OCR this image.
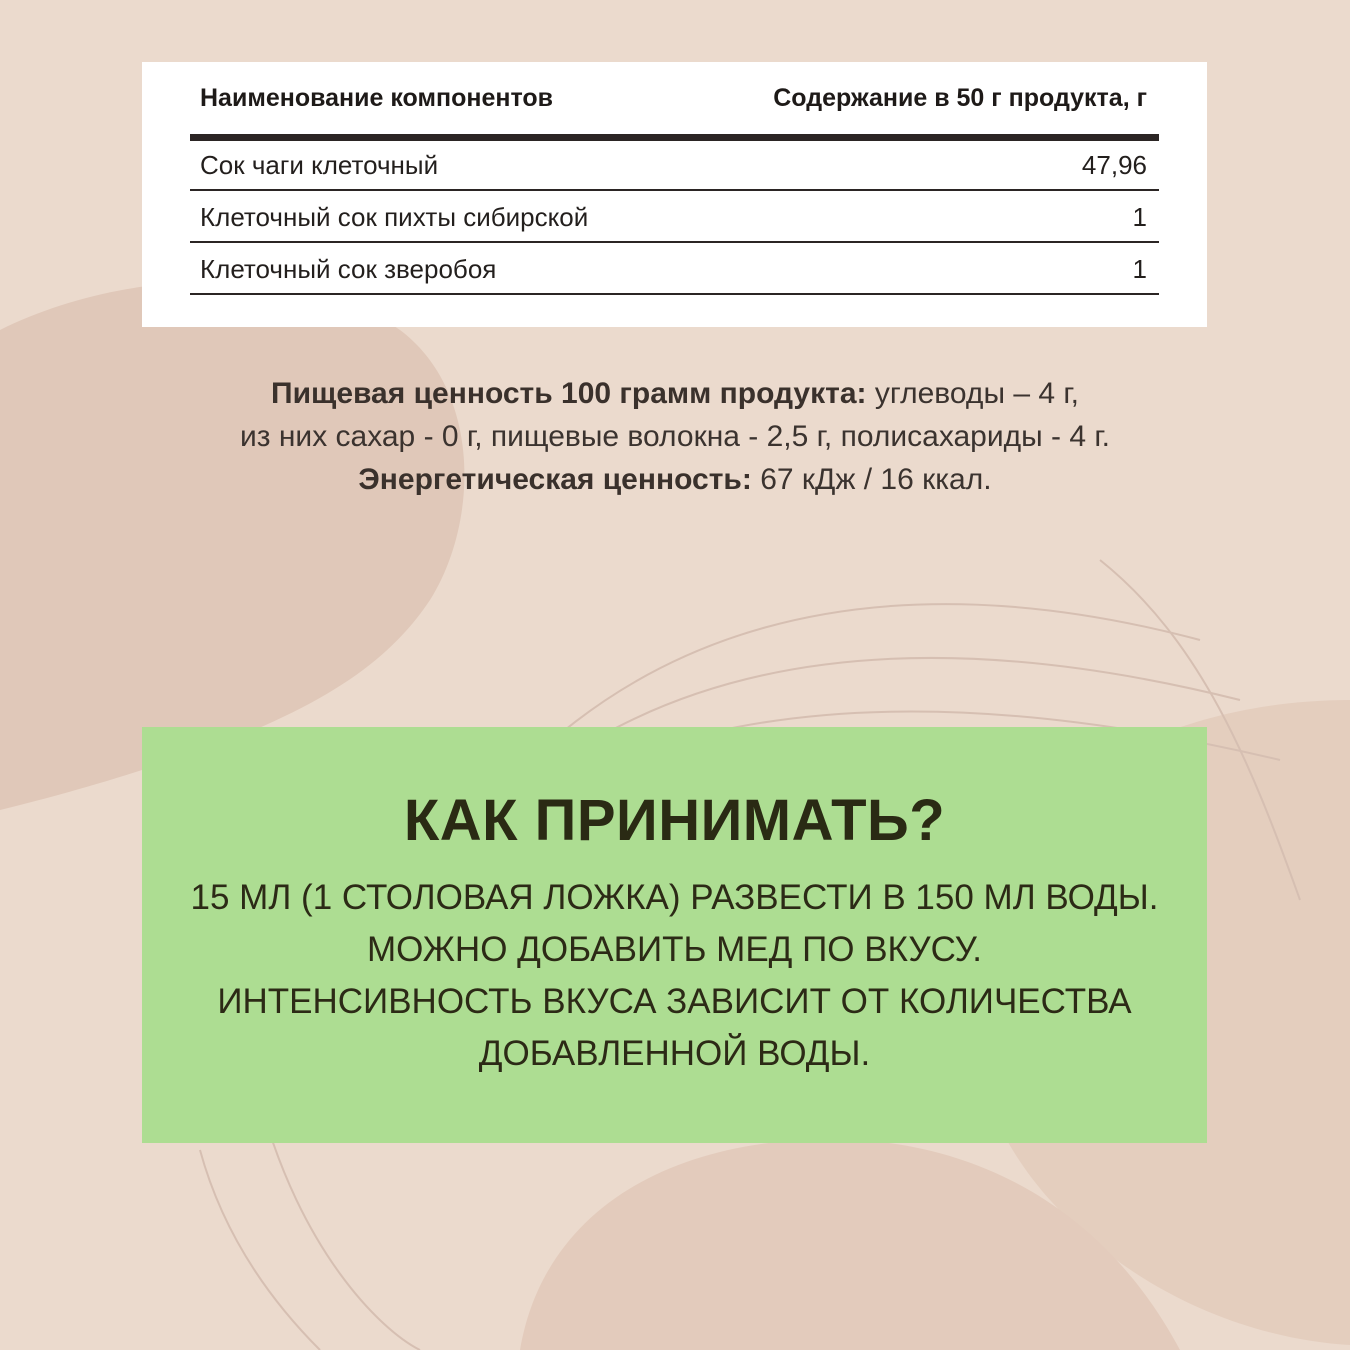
Наименование компонентов	Содержание в 50 г продукта, г
Сок чаги клеточный	47,96
Клеточный сок пихты сибирской	1
Клеточный сок зверобоя	1
Пищевая ценность 100 грамм продукта: углеводы – 4 г,
из них сахар - 0 г, пищевые волокна - 2,5 г, полисахариды - 4 г.
Энергетическая ценность: 67 кДж / 16 ккал.
КАК ПРИНИМАТЬ?
15 МЛ (1 СТОЛОВАЯ ЛОЖКА) РАЗВЕСТИ В 150 МЛ ВОДЫ.
МОЖНО ДОБАВИТЬ МЕД ПО ВКУСУ.
ИНТЕНСИВНОСТЬ ВКУСА ЗАВИСИТ ОТ КОЛИЧЕСТВА
ДОБАВЛЕННОЙ ВОДЫ.
